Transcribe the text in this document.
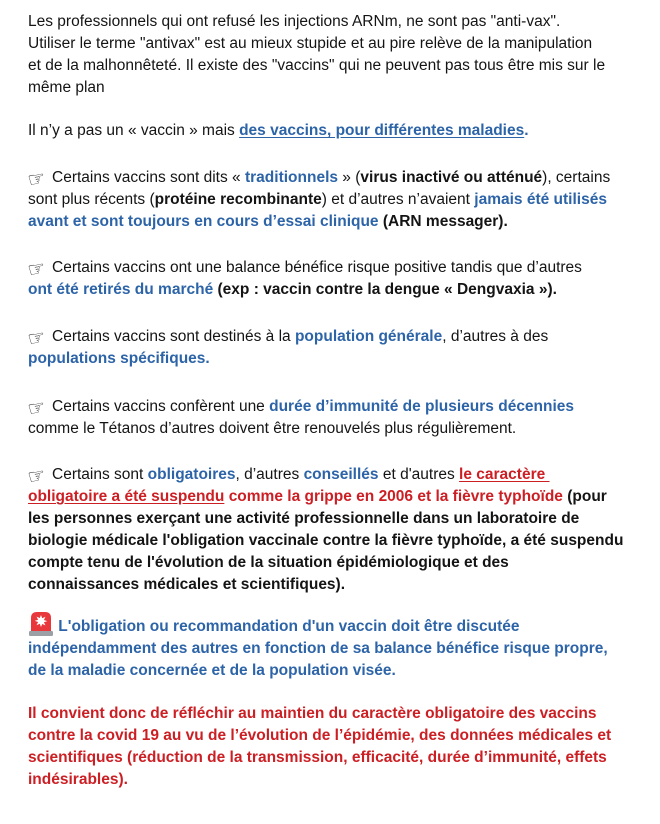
Les professionnels qui ont refusé les injections ARNm, ne sont pas "anti-vax".
Utiliser le terme "antivax" est au mieux stupide et au pire relève de la manipulation
et de la malhonnêteté. Il existe des "vaccins" qui ne peuvent pas tous être mis sur le
même plan
Il n’y a pas un « vaccin » mais des vaccins, pour différentes maladies.
☞ Certains vaccins sont dits « traditionnels » (virus inactivé ou atténué), certains
sont plus récents (protéine recombinante) et d’autres n’avaient jamais été utilisés
avant et sont toujours en cours d’essai clinique (ARN messager).
☞ Certains vaccins ont une balance bénéfice risque positive tandis que d’autres
ont été retirés du marché (exp : vaccin contre la dengue « Dengvaxia »).
☞ Certains vaccins sont destinés à la population générale, d’autres à des
populations spécifiques.
☞ Certains vaccins confèrent une durée d’immunité de plusieurs décennies
comme le Tétanos d’autres doivent être renouvelés plus régulièrement.
☞ Certains sont obligatoires, d’autres conseillés et d'autres le caractère
obligatoire a été suspendu comme la grippe en 2006 et la fièvre typhoïde (pour
les personnes exerçant une activité professionnelle dans un laboratoire de
biologie médicale l'obligation vaccinale contre la fièvre typhoïde, a été suspendu
compte tenu de l'évolution de la situation épidémiologique et des
connaissances médicales et scientifiques).
L'obligation ou recommandation d'un vaccin doit être discutée
indépendamment des autres en fonction de sa balance bénéfice risque propre,
de la maladie concernée et de la population visée.
Il convient donc de réfléchir au maintien du caractère obligatoire des vaccins
contre la covid 19 au vu de l’évolution de l’épidémie, des données médicales et
scientifiques (réduction de la transmission, efficacité, durée d’immunité, effets
indésirables).
